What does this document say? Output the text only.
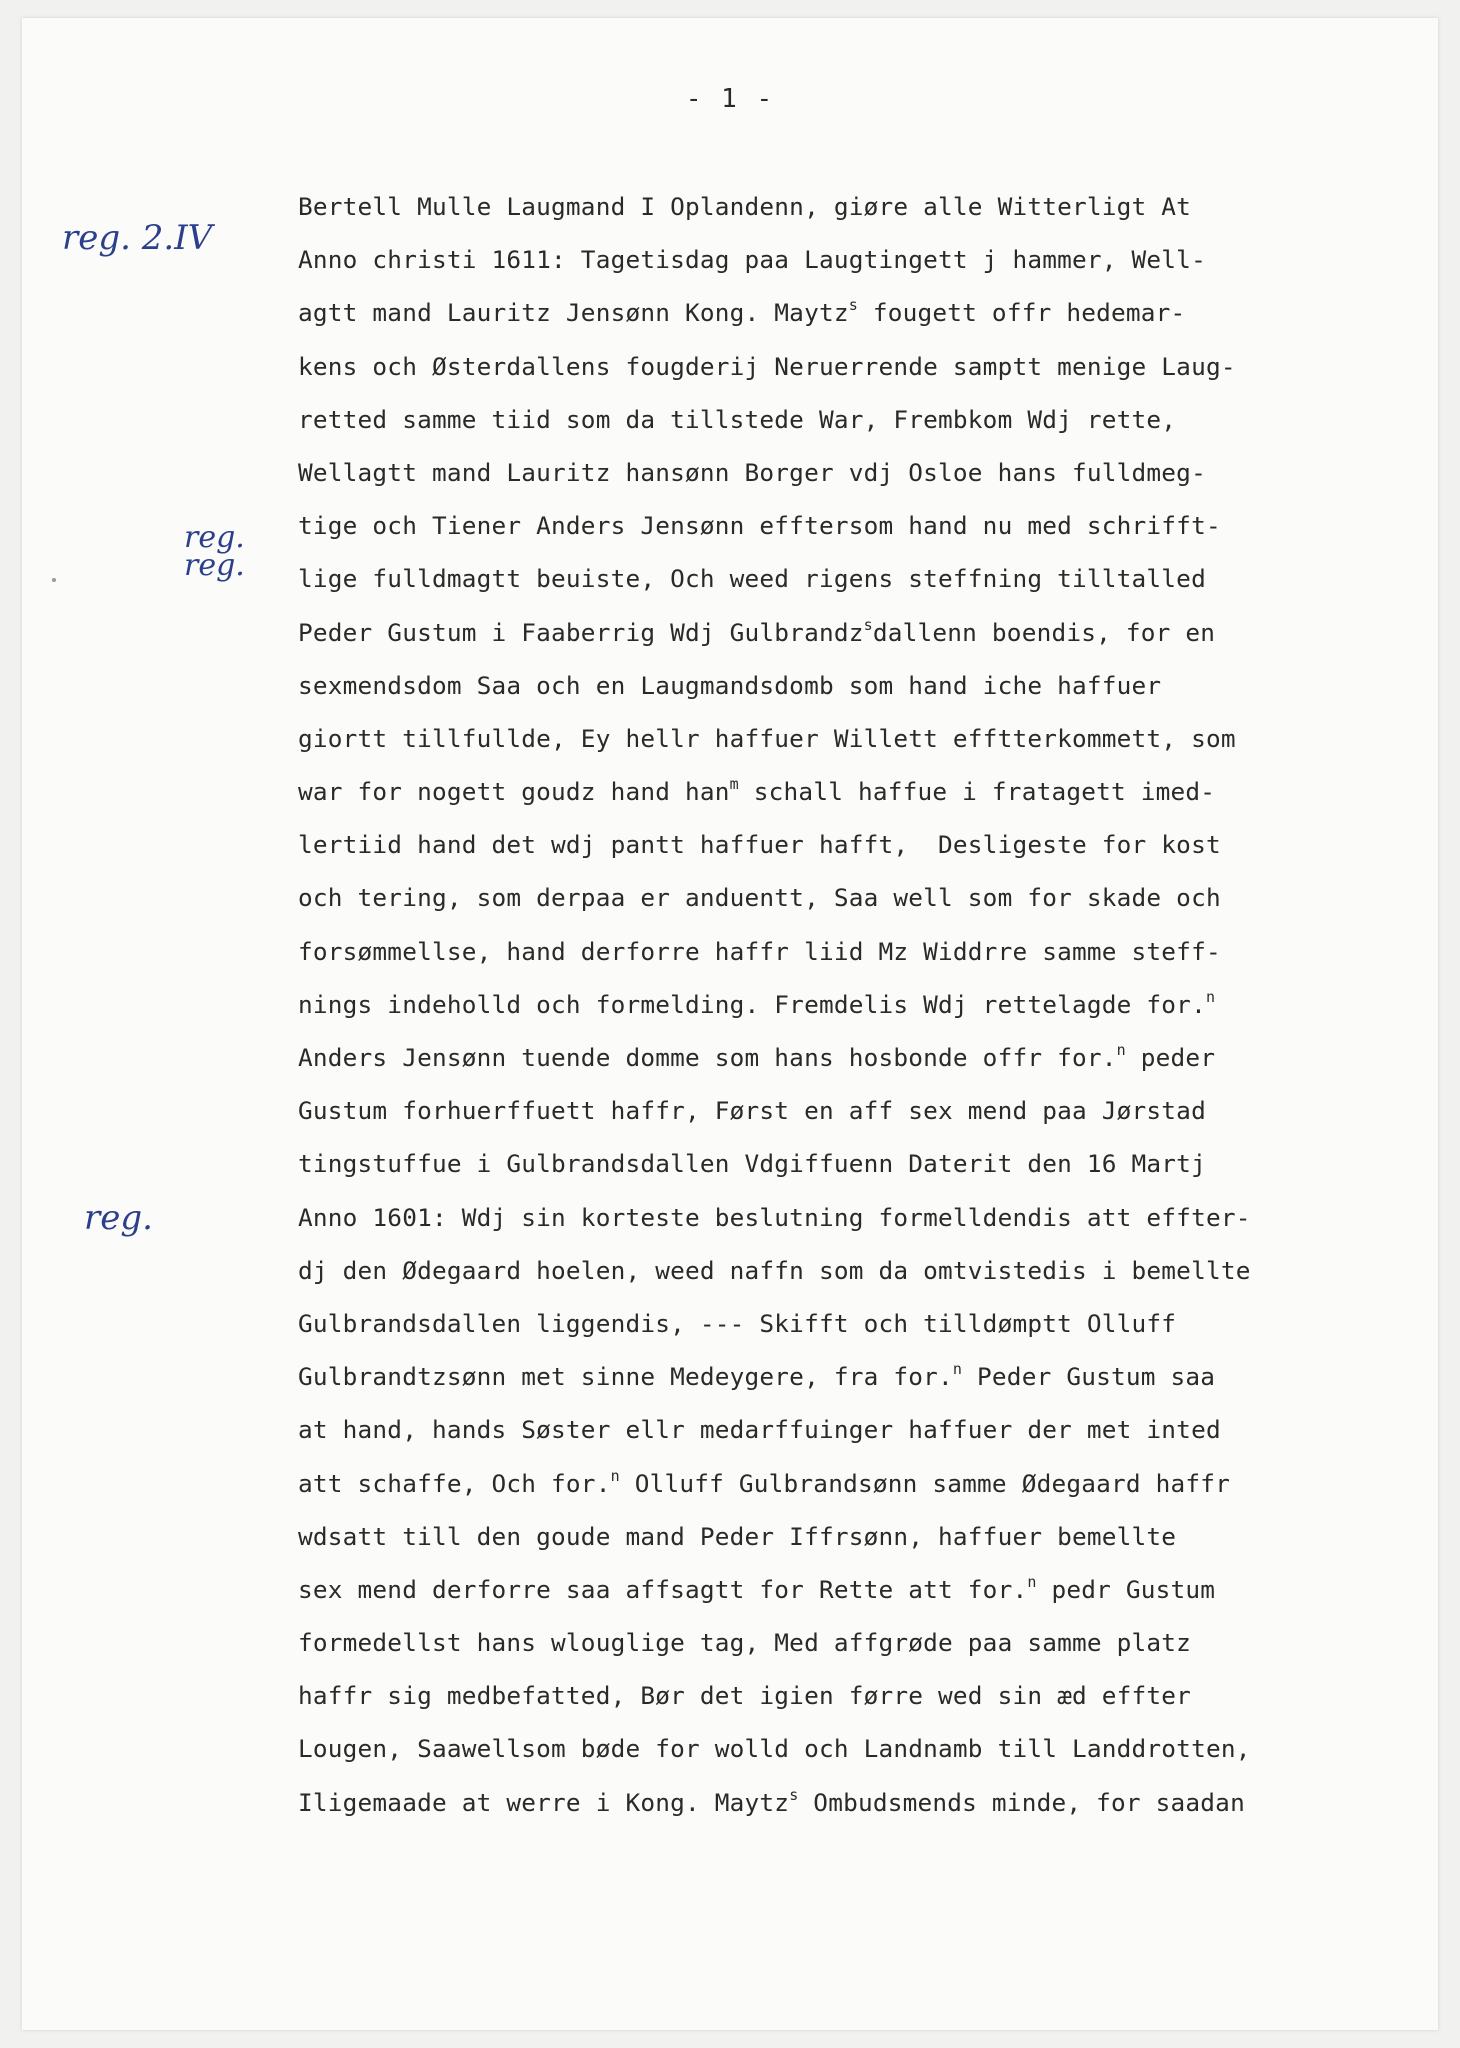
- 1 -
reg. 2.IV
reg.
reg.
reg.
Bertell Mulle Laugmand I Oplandenn, giøre alle Witterligt At
Anno christi 1611: Tagetisdag paa Laugtingett j hammer, Well-
agtt mand Lauritz Jensønn Kong. Maytz$^s$ fougett offr hedemar-
kens och Østerdallens fougderij Neruerrende samptt menige Laug-
retted samme tiid som da tillstede War, Frembkom Wdj rette,
Wellagtt mand Lauritz hansønn Borger vdj Osloe hans fulldmeg-
tige och Tiener Anders Jensønn efftersom hand nu med schrifft-
lige fulldmagtt beuiste, Och weed rigens steffning tilltalled
Peder Gustum i Faaberrig Wdj Gulbrandz$^s$dallenn boendis, for en
sexmendsdom Saa och en Laugmandsdomb som hand iche haffuer
giortt tillfullde, Ey hellr haffuer Willett efftterkommett, som
war for nogett goudz hand han$^m$ schall haffue i fratagett imed-
lertiid hand det wdj pantt haffuer hafft,  Desligeste for kost
och tering, som derpaa er anduentt, Saa well som for skade och
forsømmellse, hand derforre haffr liid Mz Widdrre samme steff-
nings indeholld och formelding. Fremdelis Wdj rettelagde for.$^n$
Anders Jensønn tuende domme som hans hosbonde offr for.$^n$ peder
Gustum forhuerffuett haffr, Først en aff sex mend paa Jørstad
tingstuffue i Gulbrandsdallen Vdgiffuenn Daterit den 16 Martj
Anno 1601: Wdj sin korteste beslutning formelldendis att effter-
dj den Ødegaard hoelen, weed naffn som da omtvistedis i bemellte
Gulbrandsdallen liggendis, --- Skifft och tilldømptt Olluff
Gulbrandtzsønn met sinne Medeygere, fra for.$^n$ Peder Gustum saa
at hand, hands Søster ellr medarffuinger haffuer der met inted
att schaffe, Och for.$^n$ Olluff Gulbrandsønn samme Ødegaard haffr
wdsatt till den goude mand Peder Iffrsønn, haffuer bemellte
sex mend derforre saa affsagtt for Rette att for.$^n$ pedr Gustum
formedellst hans wlouglige tag, Med affgrøde paa samme platz
haffr sig medbefatted, Bør det igien førre wed sin æd effter
Lougen, Saawellsom bøde for wolld och Landnamb till Landdrotten,
Iligemaade at werre i Kong. Maytz$^s$ Ombudsmends minde, for saadan
